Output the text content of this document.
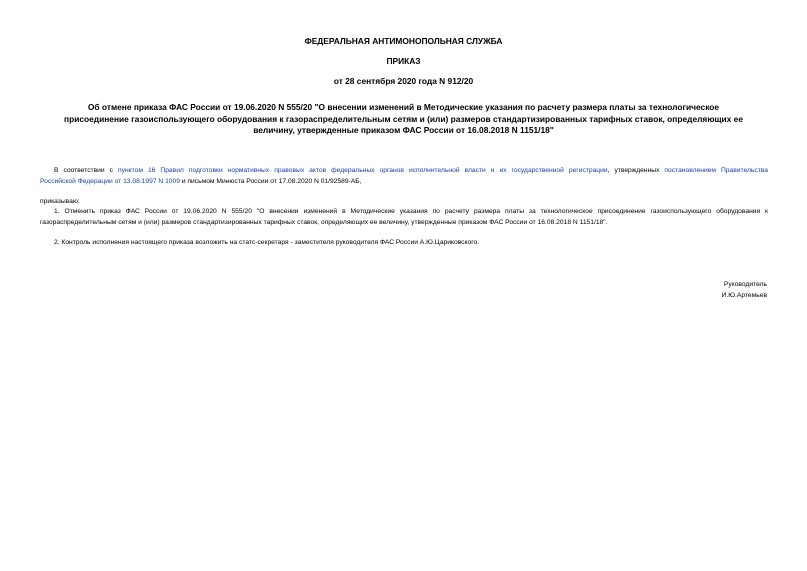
ФЕДЕРАЛЬНАЯ АНТИМОНОПОЛЬНАЯ СЛУЖБА
ПРИКАЗ
от 28 сентября 2020 года N 912/20
Об отмене приказа ФАС России от 19.06.2020 N 555/20 "О внесении изменений в Методические указания по расчету размера платы за технологическое
присоединение газоиспользующего оборудования к газораспределительным сетям и (или) размеров стандартизированных тарифных ставок, определяющих ее
величину, утвержденные приказом ФАС России от 16.08.2018 N 1151/18"
В соответствии с пунктом 16 Правил подготовки нормативных правовых актов федеральных органов исполнительной власти и их государственной регистрации, утвержденных постановлением Правительства
Российской Федерации от 13.08.1997 N 1009 и письмом Минюста России от 17.08.2020 N 01/92589-АБ,
приказываю:
1. Отменить приказ ФАС России от 19.06.2020 N 555/20 "О внесении изменений в Методические указания по расчету размера платы за технологическое присоединение газоиспользующего оборудования к
газораспределительным сетям и (или) размеров стандартизированных тарифных ставок, определяющих ее величину, утвержденные приказом ФАС России от 16.08.2018 N 1151/18".
2. Контроль исполнения настоящего приказа возложить на статс-секретаря - заместителя руководителя ФАС России А.Ю.Цариковского.
Руководитель
И.Ю.Артемьев
